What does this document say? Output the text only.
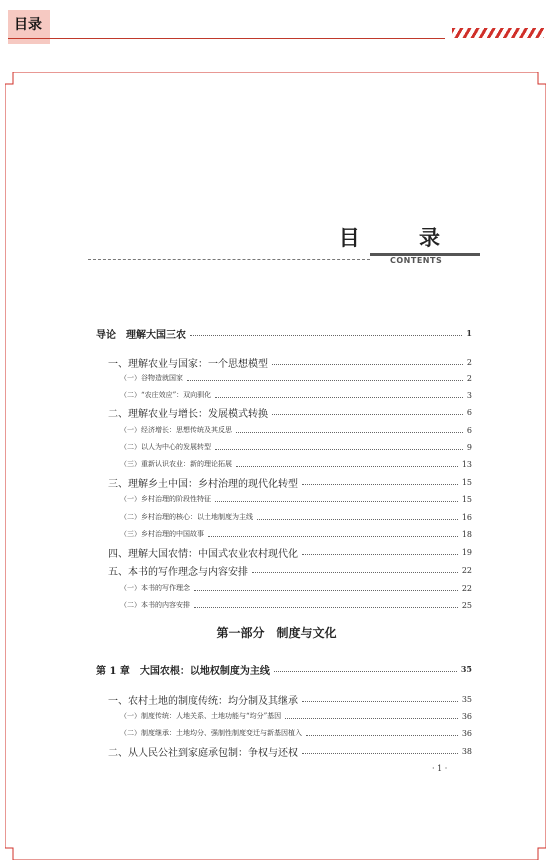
目录
目 录
CONTENTS
导论　理解大国三农	1
一、理解农业与国家：一个思想模型	2
（一）谷物造就国家	2
（二）“农庄效应”：双向驯化	3
二、理解农业与增长：发展模式转换	6
（一）经济增长：思想传统及其反思	6
（二）以人为中心的发展转型	9
（三）重新认识农业：新的理论拓展	13
三、理解乡土中国：乡村治理的现代化转型	15
（一）乡村治理的阶段性特征	15
（二）乡村治理的核心：以土地制度为主线	16
（三）乡村治理的中国故事	18
四、理解大国农情：中国式农业农村现代化	19
五、本书的写作理念与内容安排	22
（一）本书的写作理念	22
（二）本书的内容安排	25
第一部分　制度与文化
第 1 章　大国农根：以地权制度为主线	35
一、农村土地的制度传统：均分制及其继承	35
（一）制度传统：人地关系、土地功能与“均分”基因	36
（二）制度继承：土地均分、强制性制度变迁与新基因植入	36
二、从人民公社到家庭承包制：争权与还权	38
· 1 ·
